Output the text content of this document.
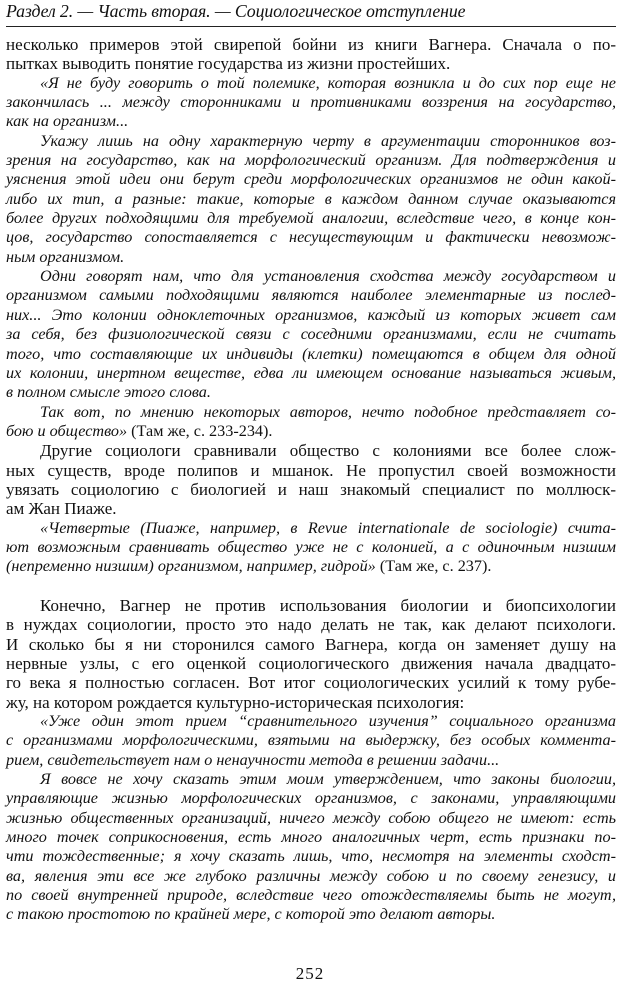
Раздел 2. — Часть вторая. — Социологическое отступление
несколько примеров этой свирепой бойни из книги Вагнера. Сначала о по-
пытках выводить понятие государства из жизни простейших.
«Я не буду говорить о той полемике, которая возникла и до сих пор еще не
закончилась ... между сторонниками и противниками воззрения на государство,
как на организм...
Укажу лишь на одну характерную черту в аргументации сторонников воз-
зрения на государство, как на морфологический организм. Для подтверждения и
уяснения этой идеи они берут среди морфологических организмов не один какой-
либо их тип, а разные: такие, которые в каждом данном случае оказываются
более других подходящими для требуемой аналогии, вследствие чего, в конце кон-
цов, государство сопоставляется с несуществующим и фактически невозмож-
ным организмом.
Одни говорят нам, что для установления сходства между государством и
организмом самыми подходящими являются наиболее элементарные из послед-
них... Это колонии одноклеточных организмов, каждый из которых живет сам
за себя, без физиологической связи с соседними организмами, если не считать
того, что составляющие их индивиды (клетки) помещаются в общем для одной
их колонии, инертном веществе, едва ли имеющем основание называться живым,
в полном смысле этого слова.
Так вот, по мнению некоторых авторов, нечто подобное представляет со-
бою и общество» (Там же, с. 233-234).
Другие социологи сравнивали общество с колониями все более слож-
ных существ, вроде полипов и мшанок. Не пропустил своей возможности
увязать социологию с биологией и наш знакомый специалист по моллюск-
ам Жан Пиаже.
«Четвертые (Пиаже, например, в Revue internationale de sociologie) счита-
ют возможным сравнивать общество уже не с колонией, а с одиночным низшим
(непременно низшим) организмом, например, гидрой» (Там же, с. 237).
Конечно, Вагнер не против использования биологии и биопсихологии
в нуждах социологии, просто это надо делать не так, как делают психологи.
И сколько бы я ни сторонился самого Вагнера, когда он заменяет душу на
нервные узлы, с его оценкой социологического движения начала двадцато-
го века я полностью согласен. Вот итог социологических усилий к тому рубе-
жу, на котором рождается культурно-историческая психология:
«Уже один этот прием “сравнительного изучения” социального организма
с организмами морфологическими, взятыми на выдержку, без особых коммента-
рием, свидетельствует нам о ненаучности метода в решении задачи...
Я вовсе не хочу сказать этим моим утверждением, что законы биологии,
управляющие жизнью морфологических организмов, с законами, управляющими
жизнью общественных организаций, ничего между собою общего не имеют: есть
много точек соприкосновения, есть много аналогичных черт, есть признаки по-
чти тождественные; я хочу сказать лишь, что, несмотря на элементы сходст-
ва, явления эти все же глубоко различны между собою и по своему генезису, и
по своей внутренней природе, вследствие чего отождествляемы быть не могут,
с такою простотою по крайней мере, с которой это делают авторы.
252
